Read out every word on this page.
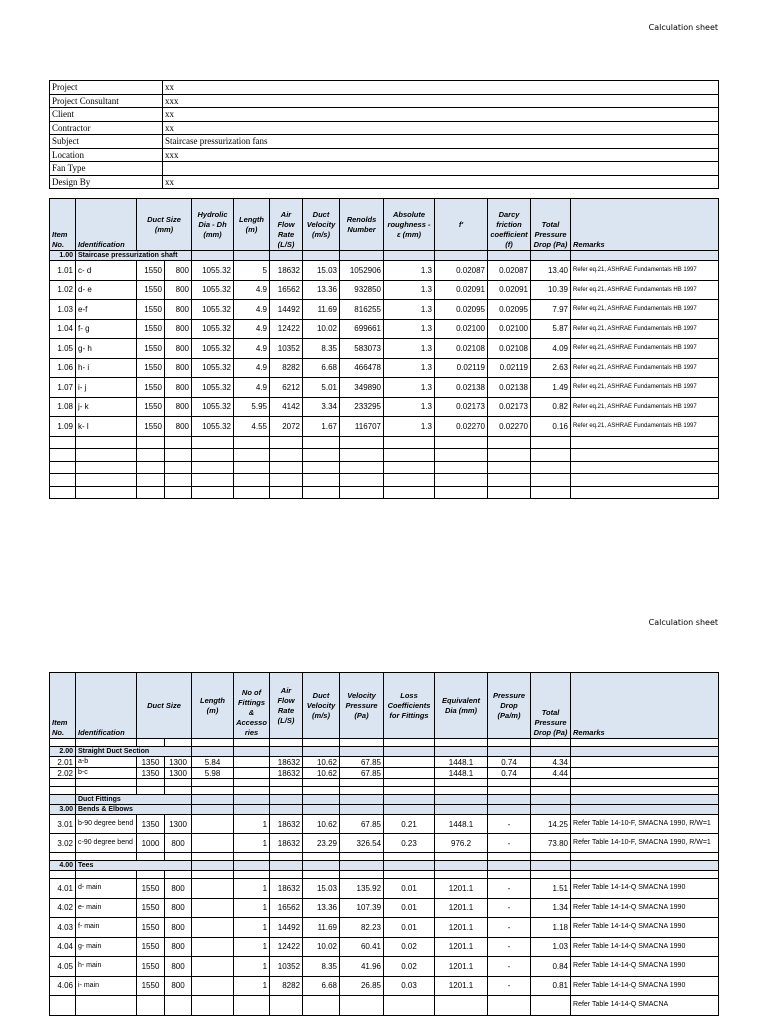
Calculation sheet
Project	xx
Project Consultant	xxx
Client	xx
Contractor	xx
Subject	Staircase pressurization fans
Location	xxx
Fan Type	
Design By	xx
Item No.	Identification	Duct Size (mm)		Hydrolic Dia - Dh (mm)	Length (m)	Air Flow Rate (L/S)	Duct Velocity (m/s)	Renolds Number	Absolute roughness - ε (mm)	f'	Darcy friction coefficient (f)	Total Pressure Drop (Pa)	Remarks
1.00	Staircase pressurization shaft												
1.01	c- d	1550	800	1055.32	5	18632	15.03	1052906	1.3	0.02087	0.02087	13.40	Refer eq.21, ASHRAE Fundamentals HB 1997
1.02	d- e	1550	800	1055.32	4.9	16562	13.36	932850	1.3	0.02091	0.02091	10.39	Refer eq.21, ASHRAE Fundamentals HB 1997
1.03	e-f	1550	800	1055.32	4.9	14492	11.69	816255	1.3	0.02095	0.02095	7.97	Refer eq.21, ASHRAE Fundamentals HB 1997
1.04	f- g	1550	800	1055.32	4.9	12422	10.02	699661	1.3	0.02100	0.02100	5.87	Refer eq.21, ASHRAE Fundamentals HB 1997
1.05	g- h	1550	800	1055.32	4.9	10352	8.35	583073	1.3	0.02108	0.02108	4.09	Refer eq.21, ASHRAE Fundamentals HB 1997
1.06	h- i	1550	800	1055.32	4.9	8282	6.68	466478	1.3	0.02119	0.02119	2.63	Refer eq.21, ASHRAE Fundamentals HB 1997
1.07	i- j	1550	800	1055.32	4.9	6212	5.01	349890	1.3	0.02138	0.02138	1.49	Refer eq.21, ASHRAE Fundamentals HB 1997
1.08	j- k	1550	800	1055.32	5.95	4142	3.34	233295	1.3	0.02173	0.02173	0.82	Refer eq.21, ASHRAE Fundamentals HB 1997
1.09	k- l	1550	800	1055.32	4.55	2072	1.67	116707	1.3	0.02270	0.02270	0.16	Refer eq.21, ASHRAE Fundamentals HB 1997

Calculation sheet
Item No.	Identification	Duct Size		Length (m)	No of Fittings & Accesso ries	Air Flow Rate (L/S)	Duct Velocity (m/s)	Velocity Pressure (Pa)	Loss Coefficients for Fittings	Equivalent Dia (mm)	Pressure Drop (Pa/m)	Total Pressure Drop (Pa)	Remarks

2.00	Straight Duct Section												
2.01	a-b	1350	1300	5.84		18632	10.62	67.85		1448.1	0.74	4.34	
2.02	b-c	1350	1300	5.98		18632	10.62	67.85		1448.1	0.74	4.44	

	Duct Fittings												
3.00	Bends & Elbows												
3.01	b-90 degree bend	1350	1300		1	18632	10.62	67.85	0.21	1448.1	-	14.25	Refer Table 14-10-F, SMACNA 1990, R/W=1
3.02	c-90 degree bend	1000	800		1	18632	23.29	326.54	0.23	976.2	-	73.80	Refer Table 14-10-F, SMACNA 1990, R/W=1

4.00	Tees												

4.01	d- main	1550	800		1	18632	15.03	135.92	0.01	1201.1	-	1.51	Refer Table 14-14-Q SMACNA 1990
4.02	e- main	1550	800		1	16562	13.36	107.39	0.01	1201.1	-	1.34	Refer Table 14-14-Q SMACNA 1990
4.03	f- main	1550	800		1	14492	11.69	82.23	0.01	1201.1	-	1.18	Refer Table 14-14-Q SMACNA 1990
4.04	g- main	1550	800		1	12422	10.02	60.41	0.02	1201.1	-	1.03	Refer Table 14-14-Q SMACNA 1990
4.05	h- main	1550	800		1	10352	8.35	41.96	0.02	1201.1	-	0.84	Refer Table 14-14-Q SMACNA 1990
4.06	i- main	1550	800		1	8282	6.68	26.85	0.03	1201.1	-	0.81	Refer Table 14-14-Q SMACNA 1990
													Refer Table 14-14-Q SMACNA
